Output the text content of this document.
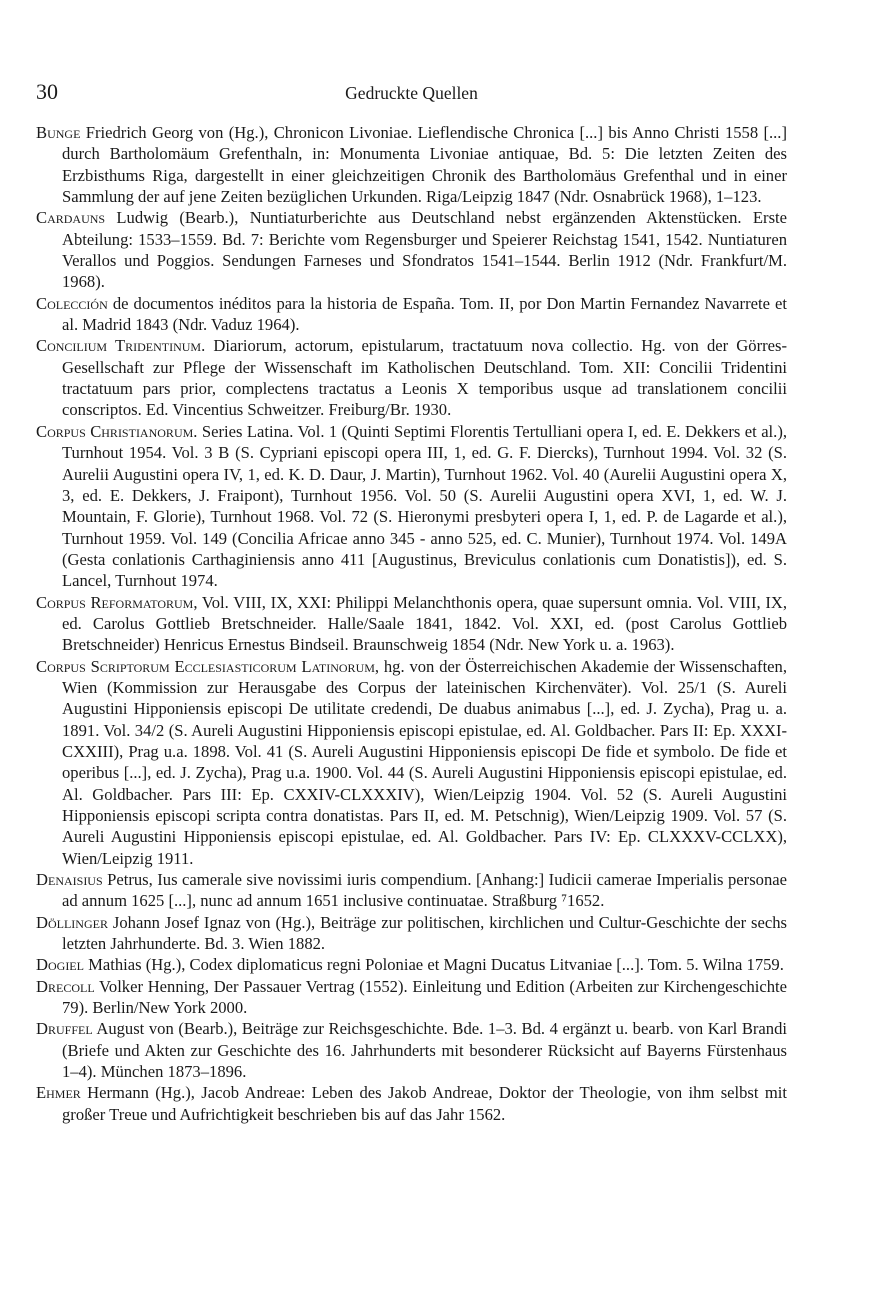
30	Gedruckte Quellen

Bunge Friedrich Georg von (Hg.), Chronicon Livoniae. Lieflendische Chronica [...] bis Anno Christi 1558 [...] durch Bartholomäum Grefenthaln, in: Monumenta Livoniae antiquae, Bd. 5: Die letzten Zeiten des Erzbisthums Riga, dargestellt in einer gleichzeitigen Chronik des Bartholomäus Grefenthal und in einer Sammlung der auf jene Zeiten bezüglichen Urkunden. Riga/Leipzig 1847 (Ndr. Osnabrück 1968), 1–123.

Cardauns Ludwig (Bearb.), Nuntiaturberichte aus Deutschland nebst ergänzenden Aktenstücken. Erste Abteilung: 1533–1559. Bd. 7: Berichte vom Regensburger und Speierer Reichstag 1541, 1542. Nuntiaturen Verallos und Poggios. Sendungen Farneses und Sfondratos 1541–1544. Berlin 1912 (Ndr. Frankfurt/M. 1968).

Colección de documentos inéditos para la historia de España. Tom. II, por Don Martin Fernandez Navarrete et al. Madrid 1843 (Ndr. Vaduz 1964).

Concilium Tridentinum. Diariorum, actorum, epistularum, tractatuum nova collectio. Hg. von der Görres-Gesellschaft zur Pflege der Wissenschaft im Katholischen Deutschland. Tom. XII: Concilii Tridentini tractatuum pars prior, complectens tractatus a Leonis X temporibus usque ad translationem concilii conscriptos. Ed. Vincentius Schweitzer. Freiburg/Br. 1930.

Corpus Christianorum. Series Latina. Vol. 1 (Quinti Septimi Florentis Tertulliani opera I, ed. E. Dekkers et al.), Turnhout 1954. Vol. 3 B (S. Cypriani episcopi opera III, 1, ed. G. F. Diercks), Turnhout 1994. Vol. 32 (S. Aurelii Augustini opera IV, 1, ed. K. D. Daur, J. Martin), Turnhout 1962. Vol. 40 (Aurelii Augustini opera X, 3, ed. E. Dekkers, J. Fraipont), Turnhout 1956. Vol. 50 (S. Aurelii Augustini opera XVI, 1, ed. W. J. Mountain, F. Glorie), Turnhout 1968. Vol. 72 (S. Hieronymi presbyteri opera I, 1, ed. P. de Lagarde et al.), Turnhout 1959. Vol. 149 (Concilia Africae anno 345 - anno 525, ed. C. Munier), Turnhout 1974. Vol. 149A (Gesta conlationis Carthaginiensis anno 411 [Augustinus, Breviculus conlationis cum Donatistis]), ed. S. Lancel, Turnhout 1974.

Corpus Reformatorum, Vol. VIII, IX, XXI: Philippi Melanchthonis opera, quae supersunt omnia. Vol. VIII, IX, ed. Carolus Gottlieb Bretschneider. Halle/Saale 1841, 1842. Vol. XXI, ed. (post Carolus Gottlieb Bretschneider) Henricus Ernestus Bindseil. Braunschweig 1854 (Ndr. New York u. a. 1963).

Corpus Scriptorum Ecclesiasticorum Latinorum, hg. von der Österreichischen Akademie der Wissenschaften, Wien (Kommission zur Herausgabe des Corpus der lateinischen Kirchenväter). Vol. 25/1 (S. Aureli Augustini Hipponiensis episcopi De utilitate credendi, De duabus animabus [...], ed. J. Zycha), Prag u. a. 1891. Vol. 34/2 (S. Aureli Augustini Hipponiensis episcopi epistulae, ed. Al. Goldbacher. Pars II: Ep. XXXI-CXXIII), Prag u.a. 1898. Vol. 41 (S. Aureli Augustini Hipponiensis episcopi De fide et symbolo. De fide et operibus [...], ed. J. Zycha), Prag u.a. 1900. Vol. 44 (S. Aureli Augustini Hipponiensis episcopi epistulae, ed. Al. Goldbacher. Pars III: Ep. CXXIV-CLXXXIV), Wien/Leipzig 1904. Vol. 52 (S. Aureli Augustini Hipponiensis episcopi scripta contra donatistas. Pars II, ed. M. Petschnig), Wien/Leipzig 1909. Vol. 57 (S. Aureli Augustini Hipponiensis episcopi epistulae, ed. Al. Goldbacher. Pars IV: Ep. CLXXXV-CCLXX), Wien/Leipzig 1911.

Denaisius Petrus, Ius camerale sive novissimi iuris compendium. [Anhang:] Iudicii camerae Imperialis personae ad annum 1625 [...], nunc ad annum 1651 inclusive continuatae. Straßburg ⁷1652.

Döllinger Johann Josef Ignaz von (Hg.), Beiträge zur politischen, kirchlichen und Cultur-Geschichte der sechs letzten Jahrhunderte. Bd. 3. Wien 1882.

Dogiel Mathias (Hg.), Codex diplomaticus regni Poloniae et Magni Ducatus Litvaniae [...]. Tom. 5. Wilna 1759.

Drecoll Volker Henning, Der Passauer Vertrag (1552). Einleitung und Edition (Arbeiten zur Kirchengeschichte 79). Berlin/New York 2000.

Druffel August von (Bearb.), Beiträge zur Reichsgeschichte. Bde. 1–3. Bd. 4 ergänzt u. bearb. von Karl Brandi (Briefe und Akten zur Geschichte des 16. Jahrhunderts mit besonderer Rücksicht auf Bayerns Fürstenhaus 1–4). München 1873–1896.

Ehmer Hermann (Hg.), Jacob Andreae: Leben des Jakob Andreae, Doktor der Theologie, von ihm selbst mit großer Treue und Aufrichtigkeit beschrieben bis auf das Jahr 1562.
